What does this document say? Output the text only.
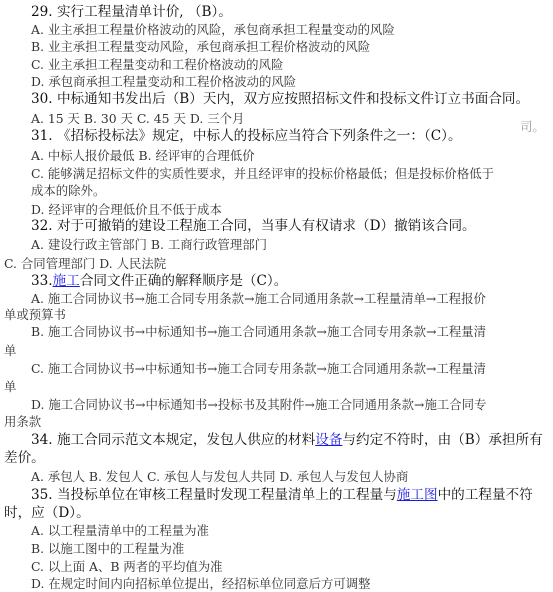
29. 实行工程量清单计价, （B）。
A. 业主承担工程量价格波动的风险，承包商承担工程量变动的风险
B. 业主承担工程量变动风险，承包商承担工程价格波动的风险
C. 业主承担工程量变动和工程价格波动的风险
D. 承包商承担工程量变动和工程价格波动的风险
30. 中标通知书发出后（B）天内，双方应按照招标文件和投标文件订立书面合同。
A. 15 天 B. 30 天 C. 45 天 D. 三个月
司。
31. 《招标投标法》规定，中标人的投标应当符合下列条件之一：（C）。
A. 中标人报价最低 B. 经评审的合理低价
C. 能够满足招标文件的实质性要求，并且经评审的投标价格最低；但是投标价格低于
成本的除外。
D. 经评审的合理低价且不低于成本
32. 对于可撤销的建设工程施工合同，当事人有权请求（D）撤销该合同。
A. 建设行政主管部门 B. 工商行政管理部门
C. 合同管理部门 D. 人民法院
33.施工合同文件正确的解释顺序是（C）。
A. 施工合同协议书→施工合同专用条款→施工合同通用条款→工程量清单→工程报价
单或预算书
B. 施工合同协议书→中标通知书→施工合同通用条款→施工合同专用条款→工程量清
单
C. 施工合同协议书→中标通知书→施工合同专用条款→施工合同通用条款→工程量清
单
D. 施工合同协议书→中标通知书→投标书及其附件→施工合同通用条款→施工合同专
用条款
34. 施工合同示范文本规定，发包人供应的材料设备与约定不符时，由（B）承担所有
差价。
A. 承包人 B. 发包人 C. 承包人与发包人共同 D. 承包人与发包人协商
35. 当投标单位在审核工程量时发现工程量清单上的工程量与施工图中的工程量不符
时，应（D）。
A. 以工程量清单中的工程量为准
B. 以施工图中的工程量为准
C. 以上面 A、B 两者的平均值为准
D. 在规定时间内向招标单位提出，经招标单位同意后方可调整
